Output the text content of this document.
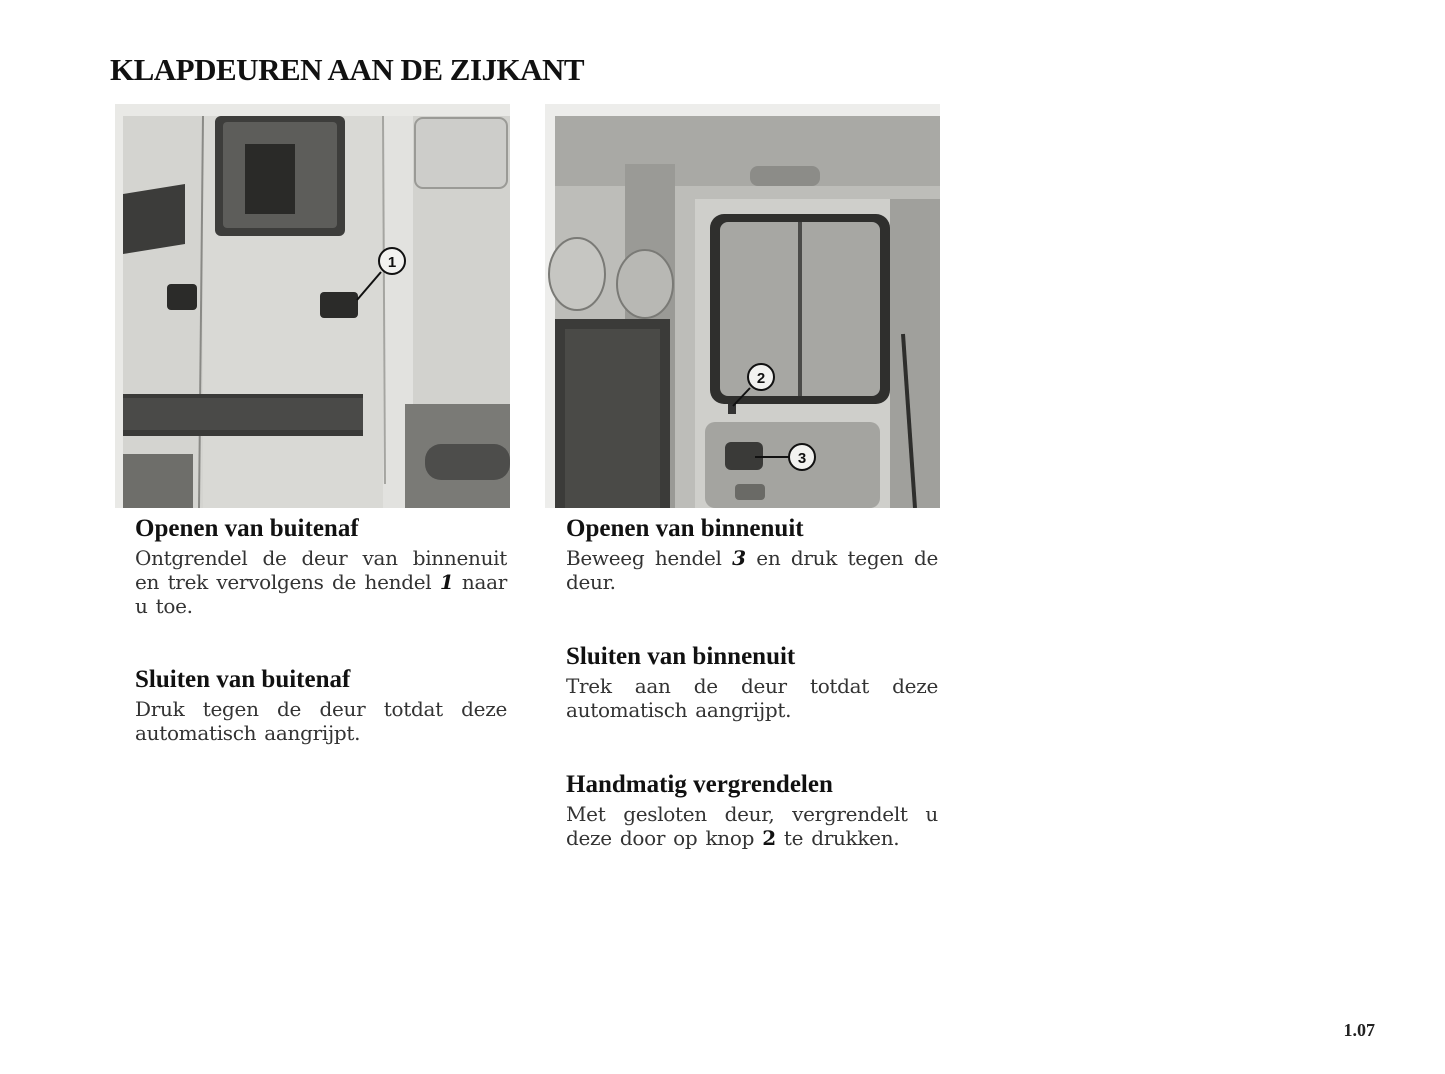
KLAPDEUREN AAN DE ZIJKANT
1
2
3
Openen van buitenaf

Ontgrendel de deur van binnenuit en trek vervolgens de hendel 1 naar u toe.

Sluiten van buitenaf

Druk tegen de deur totdat deze automatisch aangrijpt.

Openen van binnenuit

Beweeg hendel 3 en druk tegen de deur.

Sluiten van binnenuit

Trek aan de deur totdat deze automatisch aangrijpt.

Handmatig vergrendelen

Met gesloten deur, vergrendelt u deze door op knop 2 te drukken.

1.07
